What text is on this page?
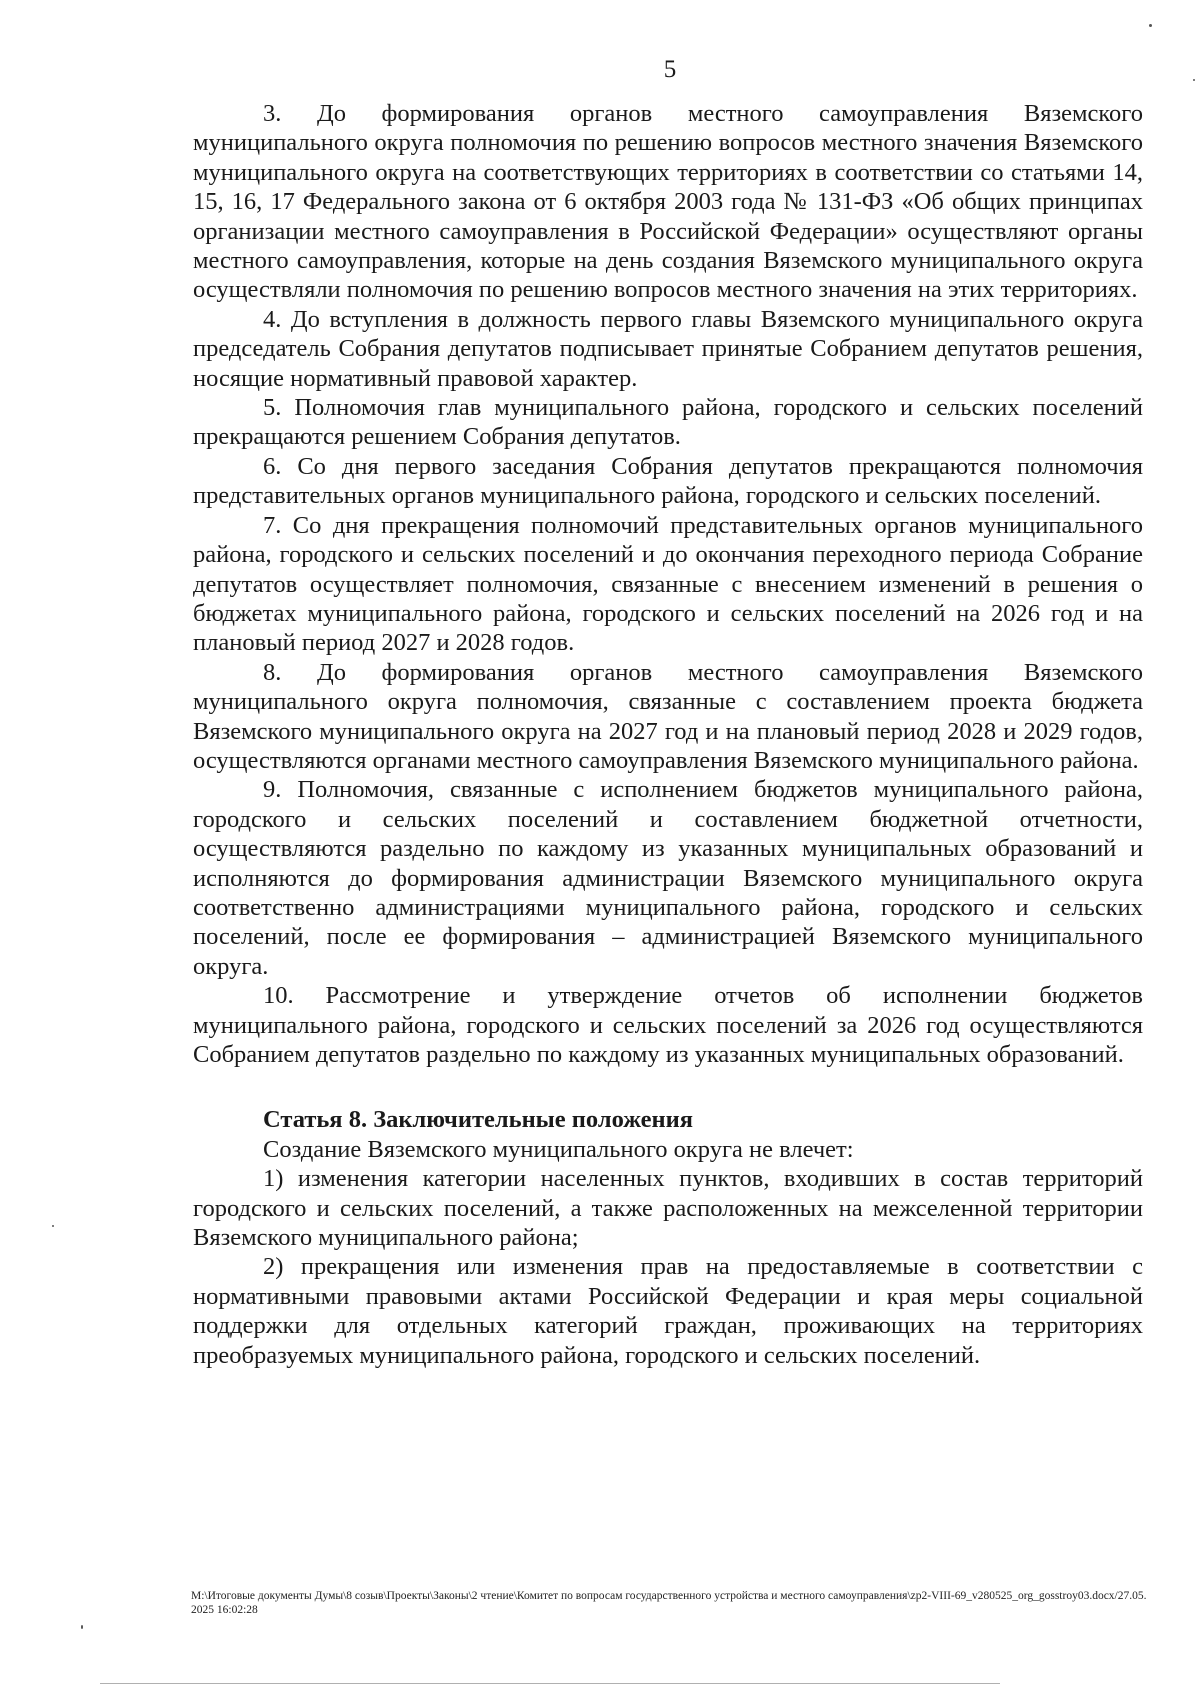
5

3. До формирования органов местного самоуправления Вяземского муниципального округа полномочия по решению вопросов местного значения Вяземского муниципального округа на соответствующих территориях в соответствии со статьями 14, 15, 16, 17 Федерального закона от 6 октября 2003 года № 131-ФЗ «Об общих принципах организации местного самоуправления в Российской Федерации» осуществляют органы местного самоуправления, которые на день создания Вяземского муниципального округа осуществляли полномочия по решению вопросов местного значения на этих территориях.

4. До вступления в должность первого главы Вяземского муниципального округа председатель Собрания депутатов подписывает принятые Собранием депутатов решения, носящие нормативный правовой характер.

5. Полномочия глав муниципального района, городского и сельских поселений прекращаются решением Собрания депутатов.

6. Со дня первого заседания Собрания депутатов прекращаются полномочия представительных органов муниципального района, городского и сельских поселений.

7. Со дня прекращения полномочий представительных органов муниципального района, городского и сельских поселений и до окончания переходного периода Собрание депутатов осуществляет полномочия, связанные с внесением изменений в решения о бюджетах муниципального района, городского и сельских поселений на 2026 год и на плановый период 2027 и 2028 годов.

8. До формирования органов местного самоуправления Вяземского муниципального округа полномочия, связанные с составлением проекта бюджета Вяземского муниципального округа на 2027 год и на плановый период 2028 и 2029 годов, осуществляются органами местного самоуправления Вяземского муниципального района.

9. Полномочия, связанные с исполнением бюджетов муниципального района, городского и сельских поселений и составлением бюджетной отчетности, осуществляются раздельно по каждому из указанных муниципальных образований и исполняются до формирования администрации Вяземского муниципального округа соответственно администрациями муниципального района, городского и сельских поселений, после ее формирования – администрацией Вяземского муниципального округа.

10. Рассмотрение и утверждение отчетов об исполнении бюджетов муниципального района, городского и сельских поселений за 2026 год осуществляются Собранием депутатов раздельно по каждому из указанных муниципальных образований.

Статья 8. Заключительные положения

Создание Вяземского муниципального округа не влечет:

1) изменения категории населенных пунктов, входивших в состав территорий городского и сельских поселений, а также расположенных на межселенной территории Вяземского муниципального района;

2) прекращения или изменения прав на предоставляемые в соответствии с нормативными правовыми актами Российской Федерации и края меры социальной поддержки для отдельных категорий граждан, проживающих на территориях преобразуемых муниципального района, городского и сельских поселений.

M:\Итоговые документы Думы\8 созыв\Проекты\Законы\2 чтение\Комитет по вопросам государственного устройства и местного самоуправления\zp2-VIII-69_v280525_org_gosstroy03.docx/27.05.2025 16:02:28
